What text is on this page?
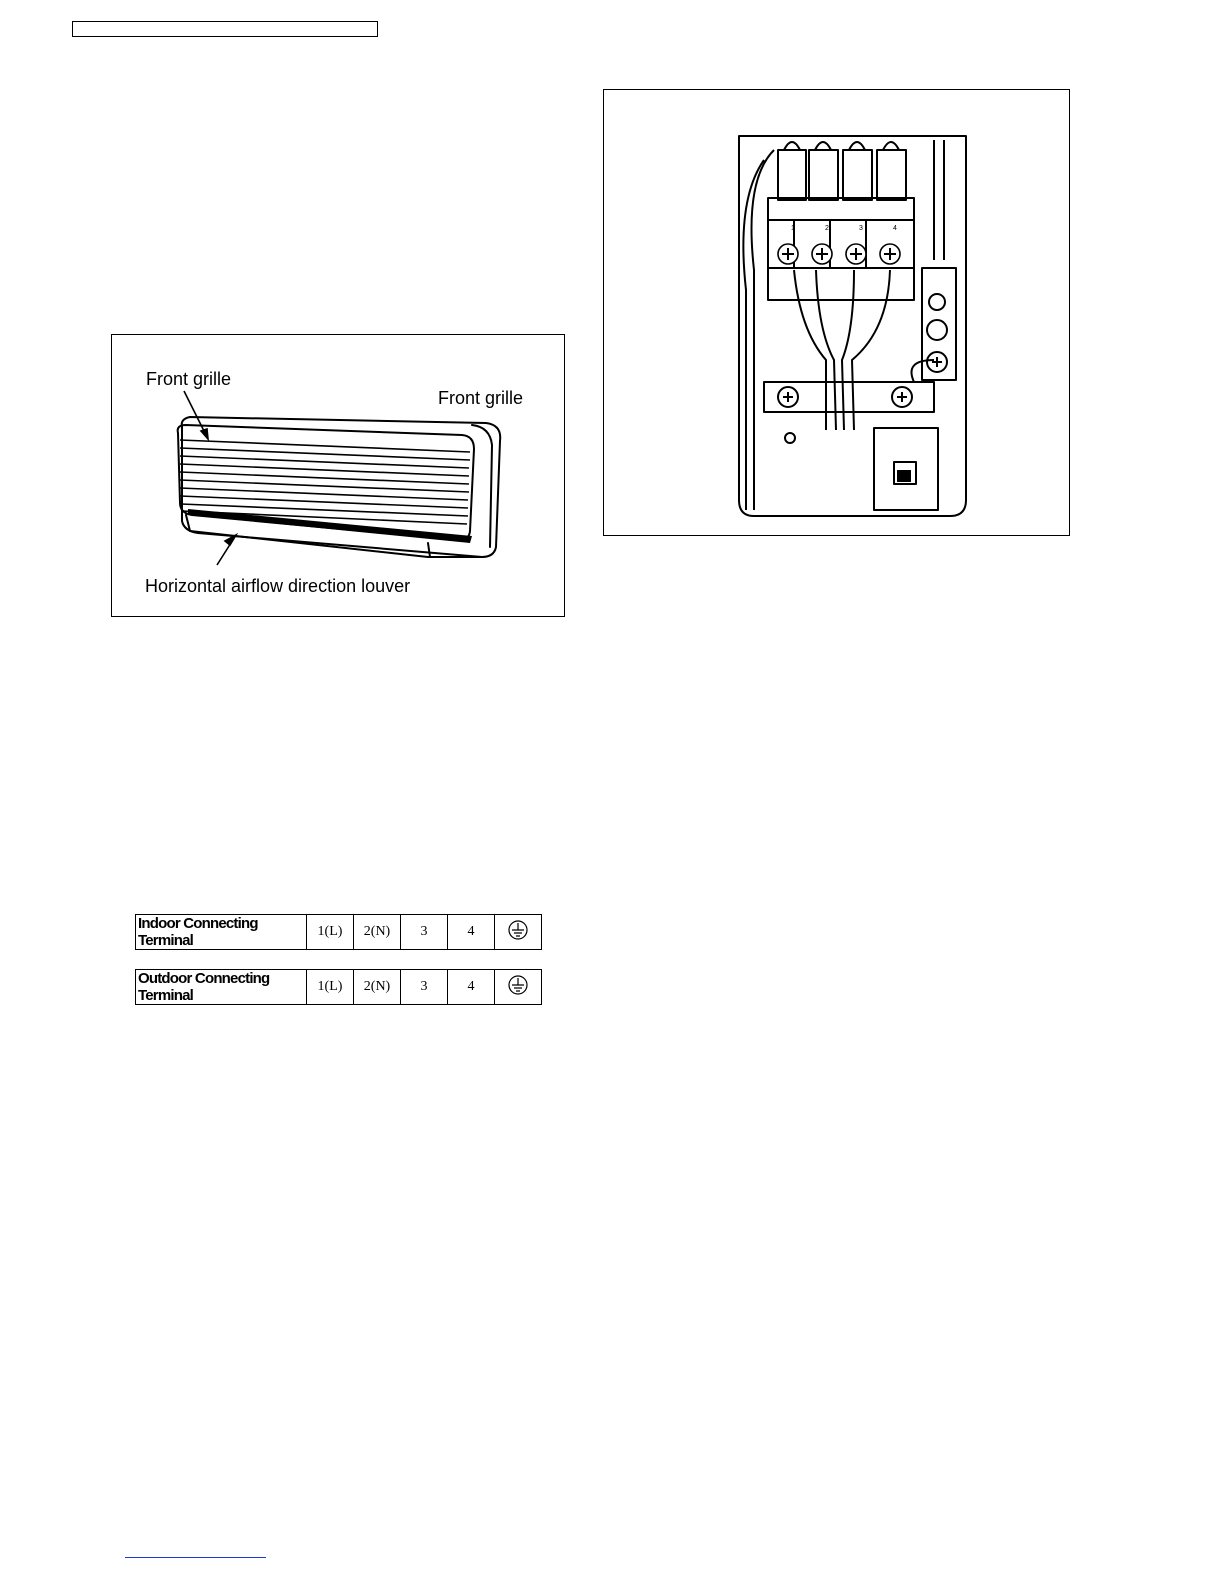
Front grille
Front grille
Horizontal airflow direction louver
1	2	3	4
Indoor Connecting Terminal	1(L)	2(N)	3	4	
Outdoor Connecting Terminal	1(L)	2(N)	3	4	
